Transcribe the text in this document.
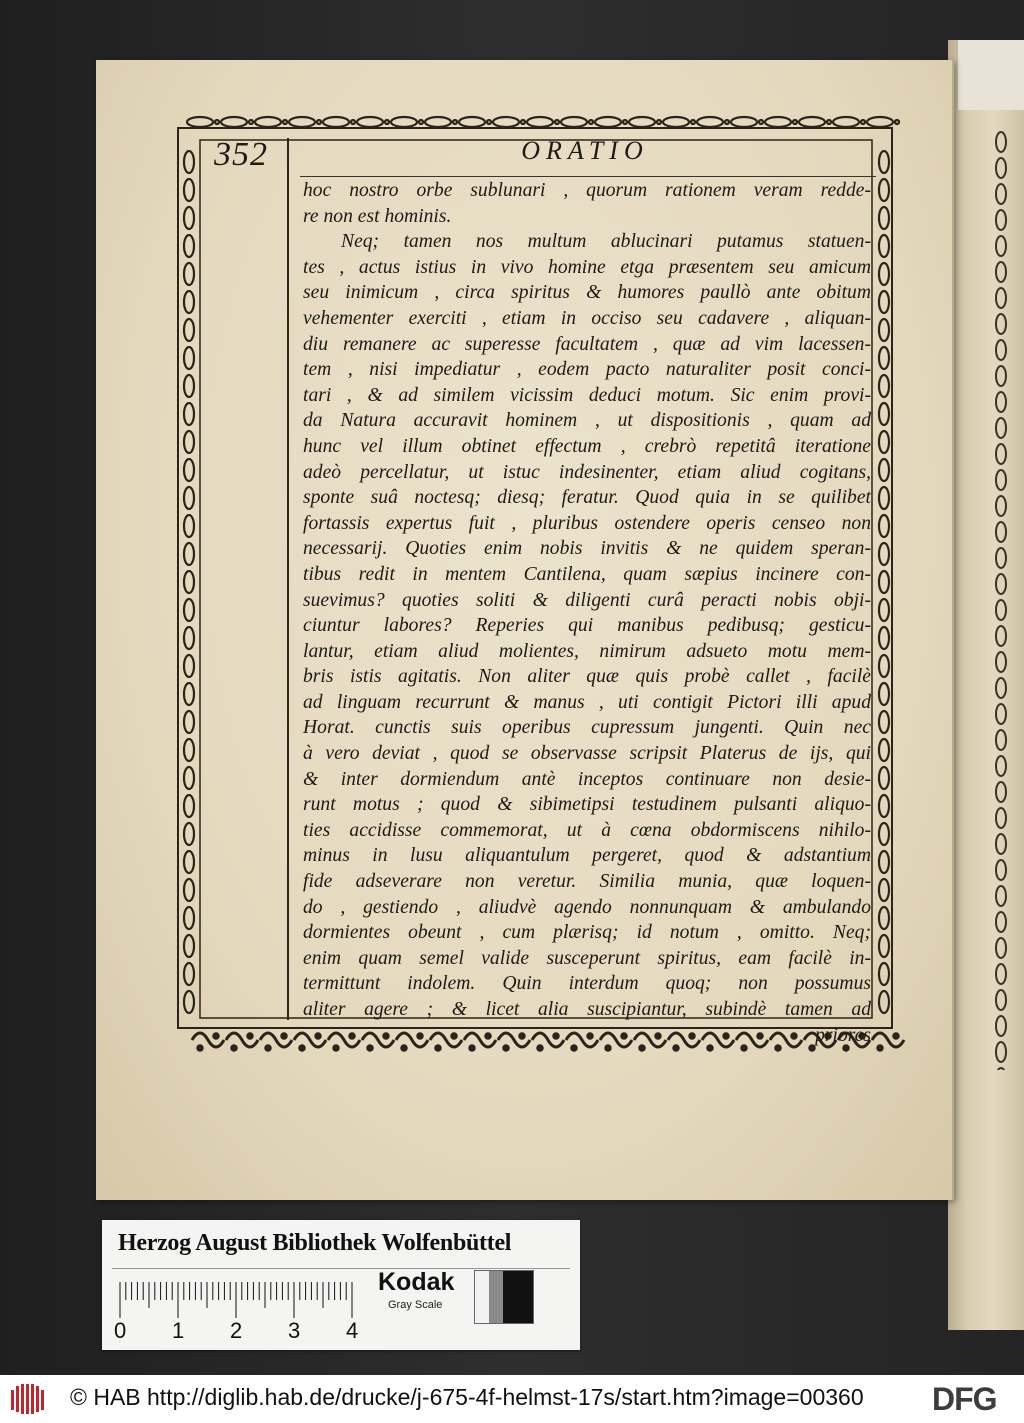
352	ORATIO
hoc nostro orbe sublunari , quorum rationem veram redde-
re non est hominis.
Neq; tamen nos multum ablucinari putamus statuen-
tes , actus istius in vivo homine etga præsentem seu amicum
seu inimicum , circa spiritus & humores paullò ante obitum
vehementer exerciti , etiam in occiso seu cadavere , aliquan-
diu remanere ac superesse facultatem , quæ ad vim lacessen-
tem , nisi impediatur , eodem pacto naturaliter posit conci-
tari , & ad similem vicissim deduci motum. Sic enim provi-
da Natura accuravit hominem , ut dispositionis , quam ad
hunc vel illum obtinet effectum , crebrò repetitâ iteratione
adeò percellatur, ut istuc indesinenter, etiam aliud cogitans,
sponte suâ noctesq; diesq; feratur. Quod quia in se quilibet
fortassis expertus fuit , pluribus ostendere operis censeo non
necessarij. Quoties enim nobis invitis & ne quidem speran-
tibus redit in mentem Cantilena, quam sæpius incinere con-
suevimus? quoties soliti & diligenti curâ peracti nobis obji-
ciuntur labores? Reperies qui manibus pedibusq; gesticu-
lantur, etiam aliud molientes, nimirum adsueto motu mem-
bris istis agitatis. Non aliter quæ quis probè callet , facilè
ad linguam recurrunt & manus , uti contigit Pictori illi apud
Horat. cunctis suis operibus cupressum jungenti. Quin nec
à vero deviat , quod se observasse scripsit Platerus de ijs, qui
& inter dormiendum antè inceptos continuare non desie-
runt motus ; quod & sibimetipsi testudinem pulsanti aliquo-
ties accidisse commemorat, ut à cœna obdormiscens nihilo-
minus in lusu aliquantulum pergeret, quod & adstantium
fide adseverare non veretur. Similia munia, quæ loquen-
do , gestiendo , aliudvè agendo nonnunquam & ambulando
dormientes obeunt , cum plærisq; id notum , omitto. Neq;
enim quam semel valide susceperunt spiritus, eam facilè in-
termittunt indolem. Quin interdum quoq; non possumus
aliter agere ; & licet alia suscipiantur, subindè tamen ad
priores
Herzog August Bibliothek Wolfenbüttel
0 1 2 3 4
Kodak
Gray Scale
© HAB http://diglib.hab.de/drucke/j-675-4f-helmst-17s/start.htm?image=00360 DFG
